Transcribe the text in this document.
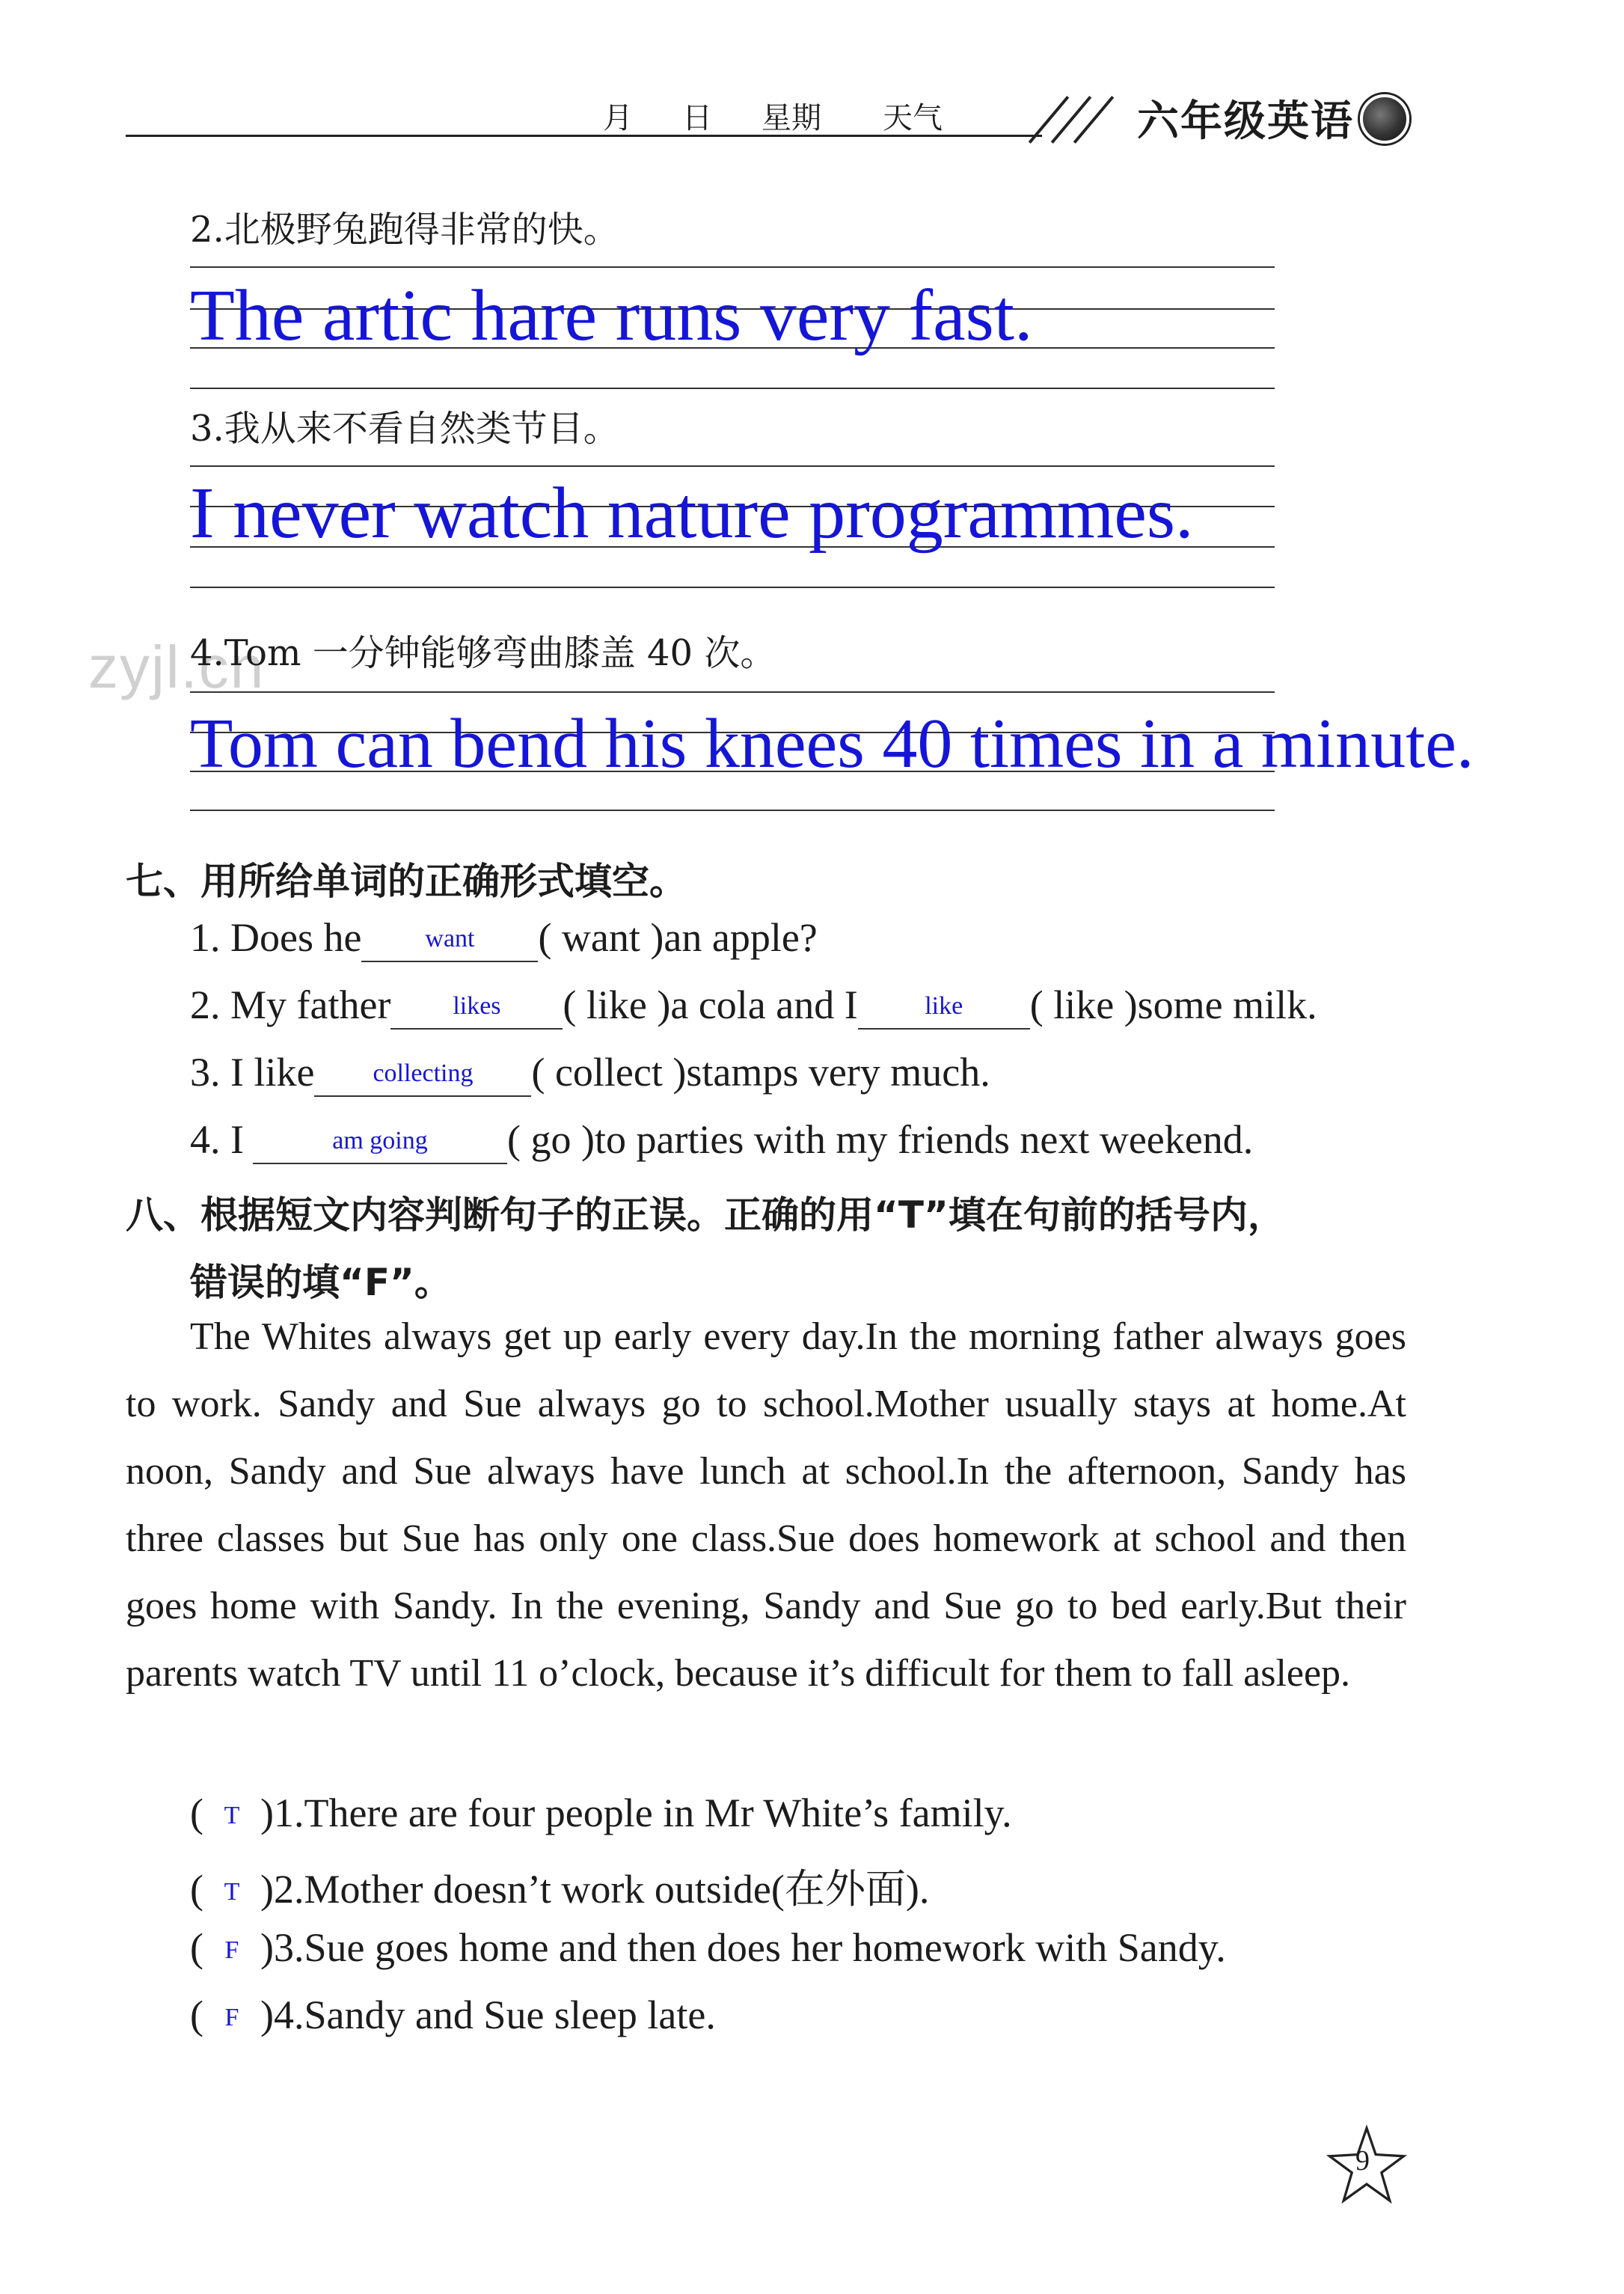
月 日 星期 天气	六年级英语
2.北极野兔跑得非常的快。
The artic hare runs very fast.
3.我从来不看自然类节目。
I never watch nature programmes.
zyjl.cn
4.Tom 一分钟能够弯曲膝盖 40 次。
Tom can bend his knees 40 times in a minute.
七、用所给单词的正确形式填空。
1. Does he want ( want )an apple?
2. My father likes ( like )a cola and I	like ( like )some milk.
3. I like collecting ( collect )stamps very much.
4. I	am going ( go )to parties with my friends next weekend.
八、根据短文内容判断句子的正误。正确的用“T”填在句前的括号内，
错误的填“F”。
The Whites always get up early every day.In the morning father always goes to work. Sandy and Sue always go to school.Mother usually stays at home.At noon, Sandy and Sue always have lunch at school.In the afternoon, Sandy has three classes but Sue has only one class.Sue does homework at school and then goes home with Sandy. In the evening, Sandy and Sue go to bed early.But their parents watch TV until 11 o’clock, because it’s difficult for them to fall asleep.
( T )1.There are four people in Mr White’s family.
( T )2.Mother doesn’t work outside(在外面).
( F )3.Sue goes home and then does her homework with Sandy.
( F )4.Sandy and Sue sleep late.
9
